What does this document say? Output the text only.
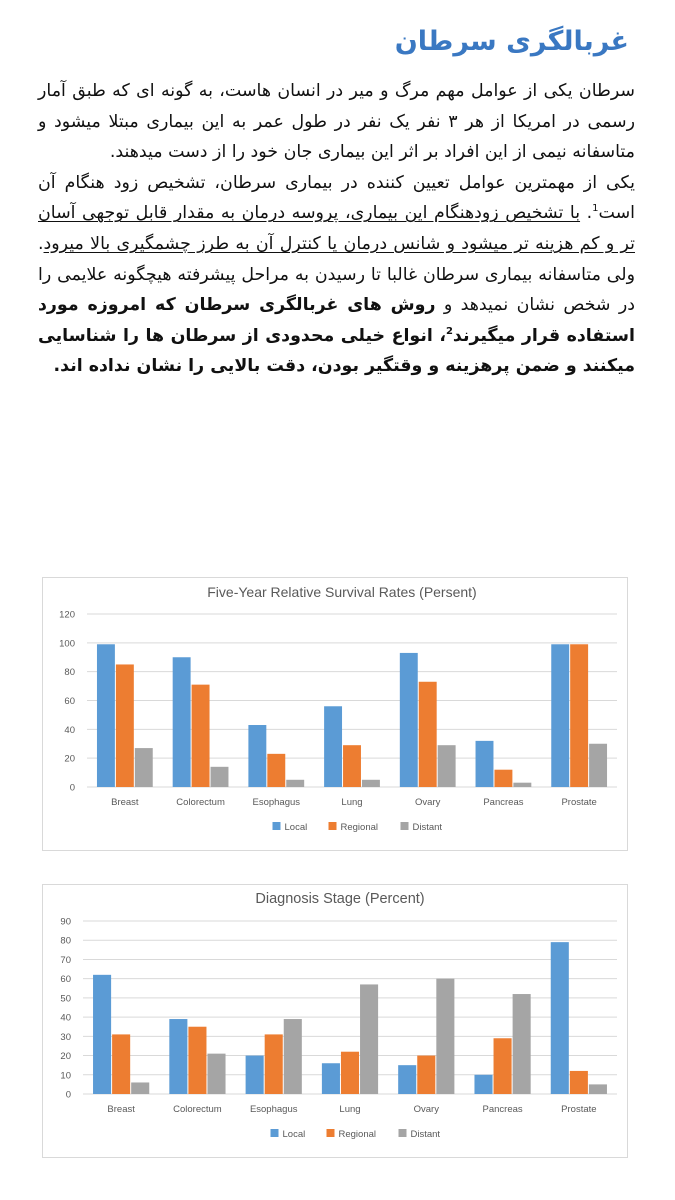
غربالگری سرطان
سرطان یکی از عوامل مهم مرگ و میر در انسان هاست، به گونه ای که طبق آمار رسمی در امریکا از هر ۳ نفر یک نفر در طول عمر به این بیماری مبتلا میشود و متاسفانه نیمی از این افراد بر اثر این بیماری جان خود را از دست میدهند.
یکی از مهمترین عوامل تعیین کننده در بیماری سرطان، تشخیص زود هنگام آن است$^1$. با تشخیص زودهنگام این بیماری، پروسه درمان به مقدار قابل توجهی آسان تر و کم هزینه تر میشود و شانس درمان یا کنترل آن به طرز چشمگیری بالا میرود. ولی متاسفانه بیماری سرطان غالبا تا رسیدن به مراحل پیشرفته هیچگونه علایمی را در شخص نشان نمیدهد و روش های غربالگری سرطان که امروزه مورد استفاده قرار میگیرند$^2$، انواع خیلی محدودی از سرطان ها را شناسایی میکنند و ضمن پرهزینه و وقتگیر بودن، دقت بالایی را نشان نداده اند.
Five-Year Relative Survival Rates (Persent)
0
20
40
60
80
100
120
Breast	Colorectum	Esophagus	Lung	Ovary	Pancreas	Prostate
Local	Regional	Distant
Diagnosis Stage (Percent)
0
10
20
30
40
50
60
70
80
90
Breast	Colorectum	Esophagus	Lung	Ovary	Pancreas	Prostate
Local	Regional	Distant
